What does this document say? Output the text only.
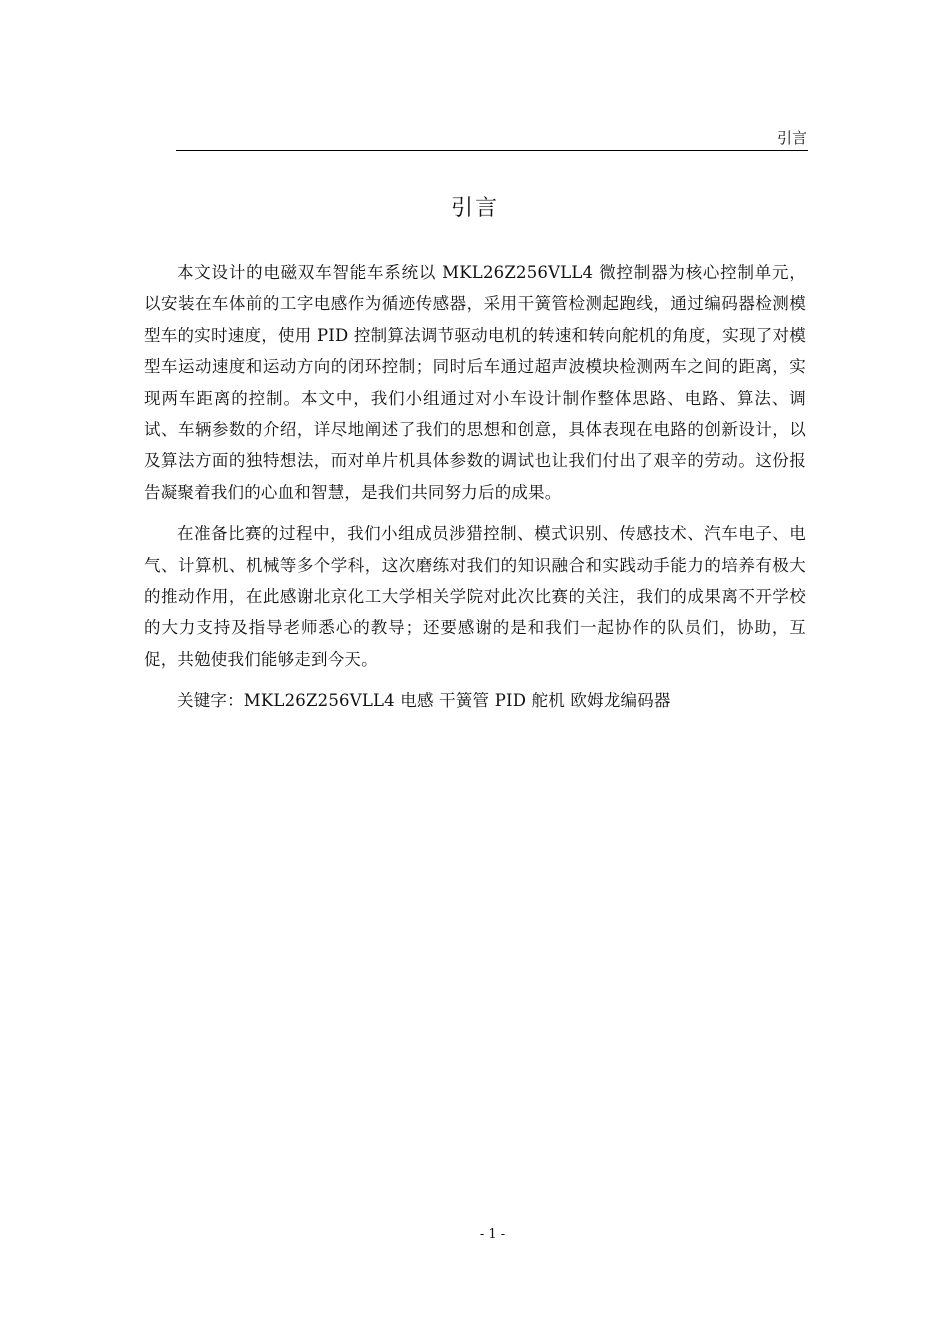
引言
引言

本文设计的电磁双车智能车系统以 MKL26Z256VLL4 微控制器为核心控制单元，以安装在车体前的工字电感作为循迹传感器，采用干簧管检测起跑线，通过编码器检测模型车的实时速度，使用 PID 控制算法调节驱动电机的转速和转向舵机的角度，实现了对模型车运动速度和运动方向的闭环控制；同时后车通过超声波模块检测两车之间的距离，实现两车距离的控制。本文中，我们小组通过对小车设计制作整体思路、电路、算法、调试、车辆参数的介绍，详尽地阐述了我们的思想和创意，具体表现在电路的创新设计，以及算法方面的独特想法，而对单片机具体参数的调试也让我们付出了艰辛的劳动。这份报告凝聚着我们的心血和智慧，是我们共同努力后的成果。

在准备比赛的过程中，我们小组成员涉猎控制、模式识别、传感技术、汽车电子、电气、计算机、机械等多个学科，这次磨练对我们的知识融合和实践动手能力的培养有极大的推动作用，在此感谢北京化工大学相关学院对此次比赛的关注，我们的成果离不开学校的大力支持及指导老师悉心的教导；还要感谢的是和我们一起协作的队员们，协助，互促，共勉使我们能够走到今天。

关键字：MKL26Z256VLL4 电感 干簧管 PID 舵机 欧姆龙编码器

- 1 -
